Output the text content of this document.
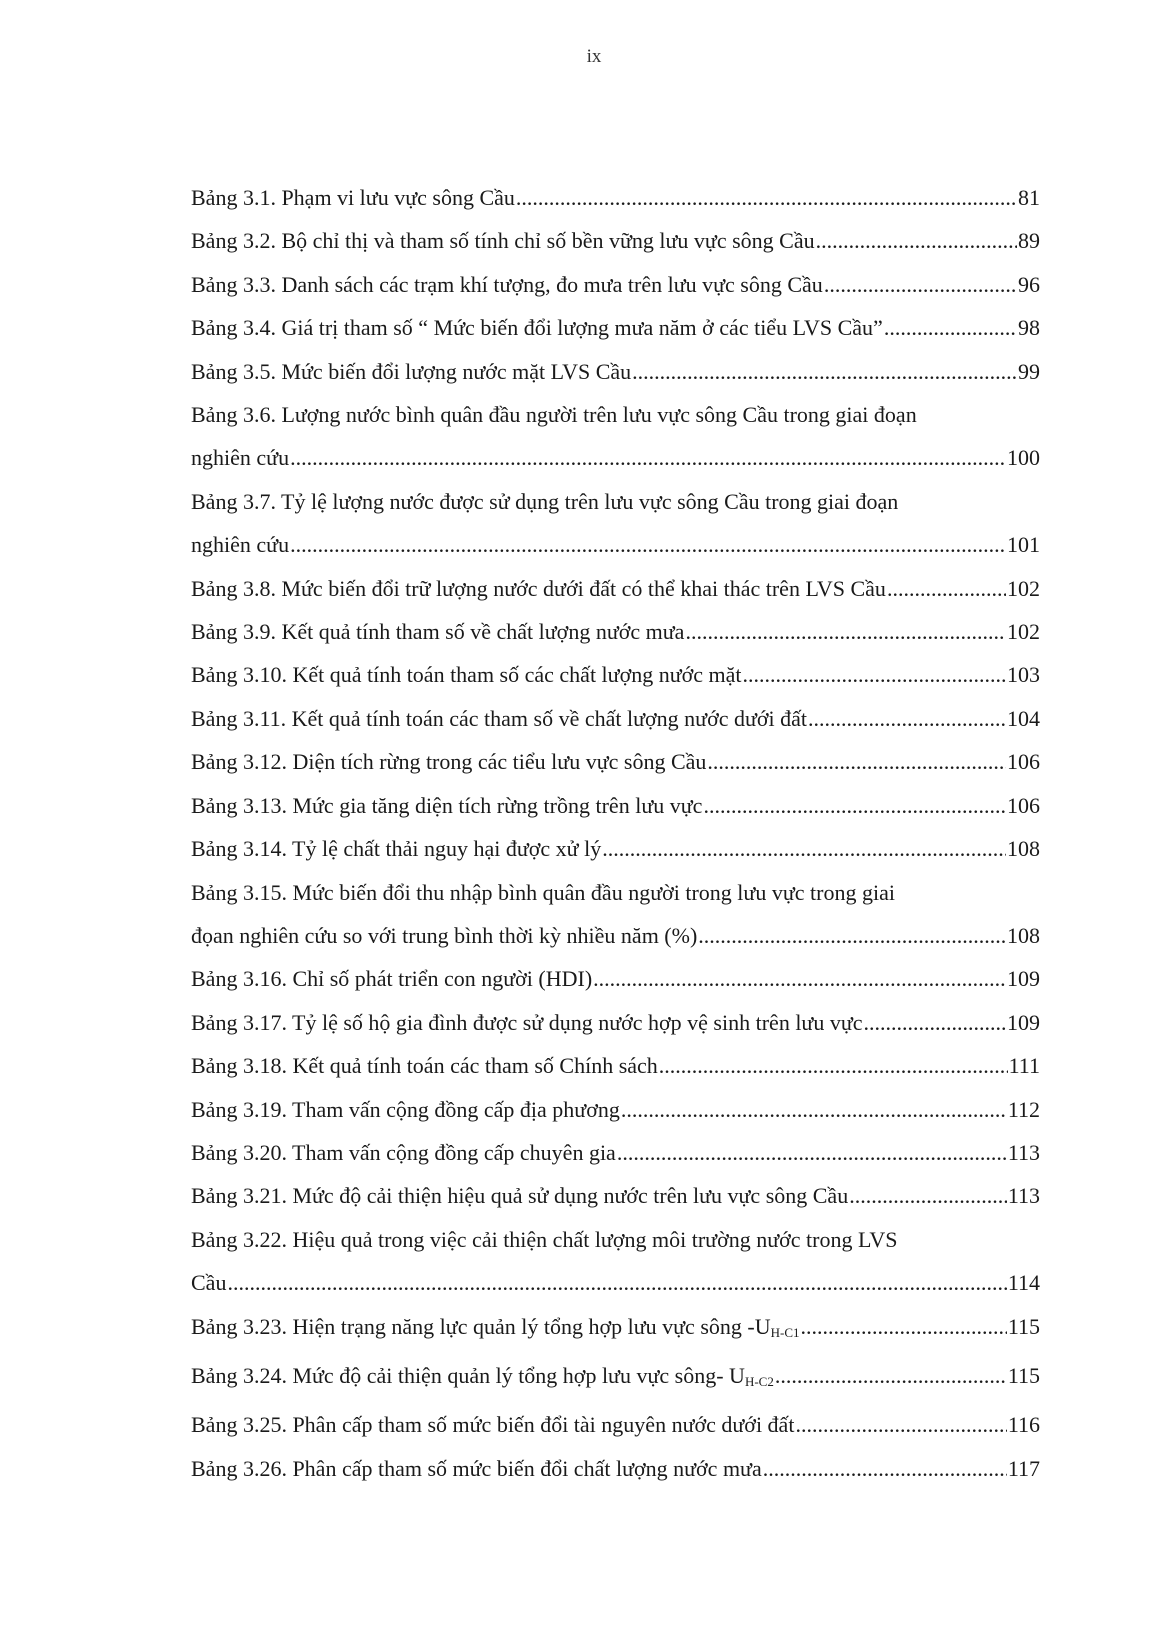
ix
Bảng 3.1. Phạm vi lưu vực sông Cầu .....	81
Bảng 3.2. Bộ chỉ thị và tham số tính chỉ số bền vững lưu vực sông Cầu .....	89
Bảng 3.3. Danh sách các trạm khí tượng, đo mưa trên lưu vực sông Cầu .....	96
Bảng 3.4. Giá trị tham số “ Mức biến đổi lượng mưa năm ở các tiểu LVS Cầu” .....	98
Bảng 3.5. Mức biến đổi lượng nước mặt LVS Cầu .....	99
Bảng 3.6. Lượng nước bình quân đầu người trên lưu vực sông Cầu trong giai đoạn
nghiên cứu .....	100
Bảng 3.7. Tỷ lệ lượng nước được sử dụng trên lưu vực sông Cầu trong giai đoạn
nghiên cứu .....	101
Bảng 3.8. Mức biến đổi trữ lượng nước dưới đất có thể khai thác trên LVS Cầu .....	102
Bảng 3.9. Kết quả tính tham số về chất lượng nước mưa .....	102
Bảng 3.10. Kết quả tính toán tham số các chất lượng nước mặt .....	103
Bảng 3.11. Kết quả tính toán các tham số về chất lượng nước dưới đất .....	104
Bảng 3.12. Diện tích rừng trong các tiểu lưu vực sông Cầu .....	106
Bảng 3.13. Mức gia tăng diện tích rừng trồng trên lưu vực .....	106
Bảng 3.14. Tỷ lệ chất thải nguy hại được xử lý .....	108
Bảng 3.15. Mức biến đổi thu nhập bình quân đầu người trong lưu vực trong giai
đọan nghiên cứu so với trung bình thời kỳ nhiều năm (%) .....	108
Bảng 3.16. Chỉ số phát triển con người (HDI) .....	109
Bảng 3.17. Tỷ lệ số hộ gia đình được sử dụng nước hợp vệ sinh trên lưu vực .....	109
Bảng 3.18. Kết quả tính toán các tham số Chính sách .....	111
Bảng 3.19. Tham vấn cộng đồng cấp địa phương .....	112
Bảng 3.20. Tham vấn cộng đồng cấp chuyên gia .....	113
Bảng 3.21. Mức độ cải thiện hiệu quả sử dụng nước trên lưu vực sông Cầu .....	113
Bảng 3.22. Hiệu quả trong việc cải thiện chất lượng môi trường nước trong LVS
Cầu .....	114
Bảng 3.23. Hiện trạng năng lực quản lý tổng hợp lưu vực sông $-U_{H-C1}$ .....	115
Bảng 3.24. Mức độ cải thiện quản lý tổng hợp lưu vực sông- $U_{H-C2}$ .....	115
Bảng 3.25. Phân cấp tham số mức biến đổi tài nguyên nước dưới đất .....	116
Bảng 3.26. Phân cấp tham số mức biến đổi chất lượng nước mưa .....	117
